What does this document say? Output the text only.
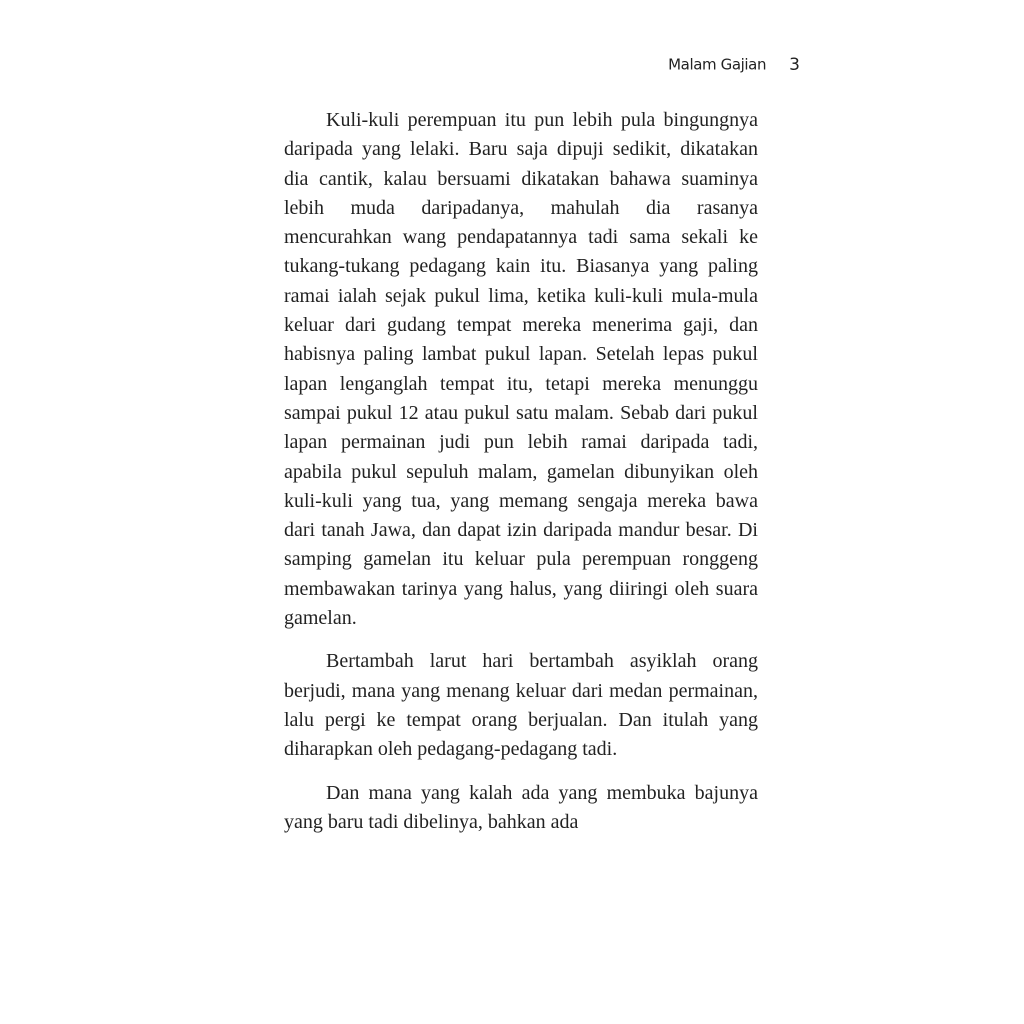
Malam Gajian 3

Kuli-kuli perempuan itu pun lebih pula bingungnya daripada yang lelaki. Baru saja dipuji sedikit, dikatakan dia cantik, kalau bersuami dikatakan bahawa suaminya lebih muda daripadanya, mahulah dia rasanya mencurahkan wang pendapatannya tadi sama sekali ke tukang-tukang pedagang kain itu. Biasanya yang paling ramai ialah sejak pukul lima, ketika kuli-kuli mula-mula keluar dari gudang tempat mereka menerima gaji, dan habisnya paling lambat pukul lapan. Setelah lepas pukul lapan lenganglah tempat itu, tetapi mereka menunggu sampai pukul 12 atau pukul satu malam. Sebab dari pukul lapan permainan judi pun lebih ramai daripada tadi, apabila pukul sepuluh malam, gamelan dibunyikan oleh kuli-kuli yang tua, yang memang sengaja mereka bawa dari tanah Jawa, dan dapat izin daripada mandur besar. Di samping gamelan itu keluar pula perempuan ronggeng membawakan tarinya yang halus, yang diiringi oleh suara gamelan.

Bertambah larut hari bertambah asyiklah orang berjudi, mana yang menang keluar dari medan permainan, lalu pergi ke tempat orang berjualan. Dan itulah yang diharapkan oleh pedagang-pedagang tadi.

Dan mana yang kalah ada yang membuka bajunya yang baru tadi dibelinya, bahkan ada
